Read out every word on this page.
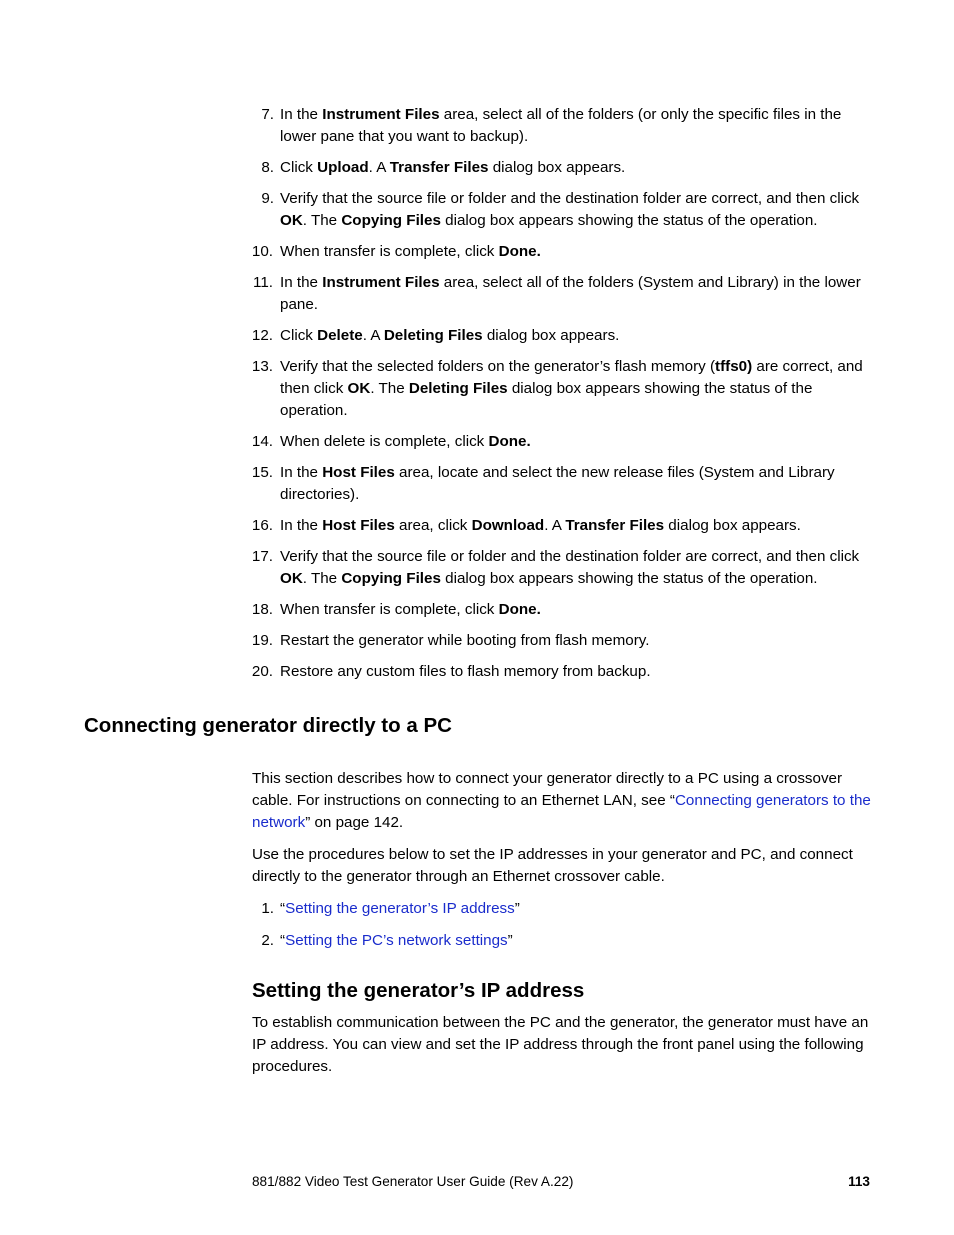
7. In the Instrument Files area, select all of the folders (or only the specific files in the lower pane that you want to backup).
8. Click Upload. A Transfer Files dialog box appears.
9. Verify that the source file or folder and the destination folder are correct, and then click OK. The Copying Files dialog box appears showing the status of the operation.
10. When transfer is complete, click Done.
11. In the Instrument Files area, select all of the folders (System and Library) in the lower pane.
12. Click Delete. A Deleting Files dialog box appears.
13. Verify that the selected folders on the generator’s flash memory (tffs0) are correct, and then click OK. The Deleting Files dialog box appears showing the status of the operation.
14. When delete is complete, click Done.
15. In the Host Files area, locate and select the new release files (System and Library directories).
16. In the Host Files area, click Download. A Transfer Files dialog box appears.
17. Verify that the source file or folder and the destination folder are correct, and then click OK. The Copying Files dialog box appears showing the status of the operation.
18. When transfer is complete, click Done.
19. Restart the generator while booting from flash memory.
20. Restore any custom files to flash memory from backup.
Connecting generator directly to a PC

This section describes how to connect your generator directly to a PC using a crossover cable. For instructions on connecting to an Ethernet LAN, see “Connecting generators to the network” on page 142.

Use the procedures below to set the IP addresses in your generator and PC, and connect directly to the generator through an Ethernet crossover cable.

1. “Setting the generator’s IP address”
2. “Setting the PC’s network settings”
Setting the generator’s IP address

To establish communication between the PC and the generator, the generator must have an IP address. You can view and set the IP address through the front panel using the following procedures.

881/882 Video Test Generator User Guide (Rev A.22)	113
